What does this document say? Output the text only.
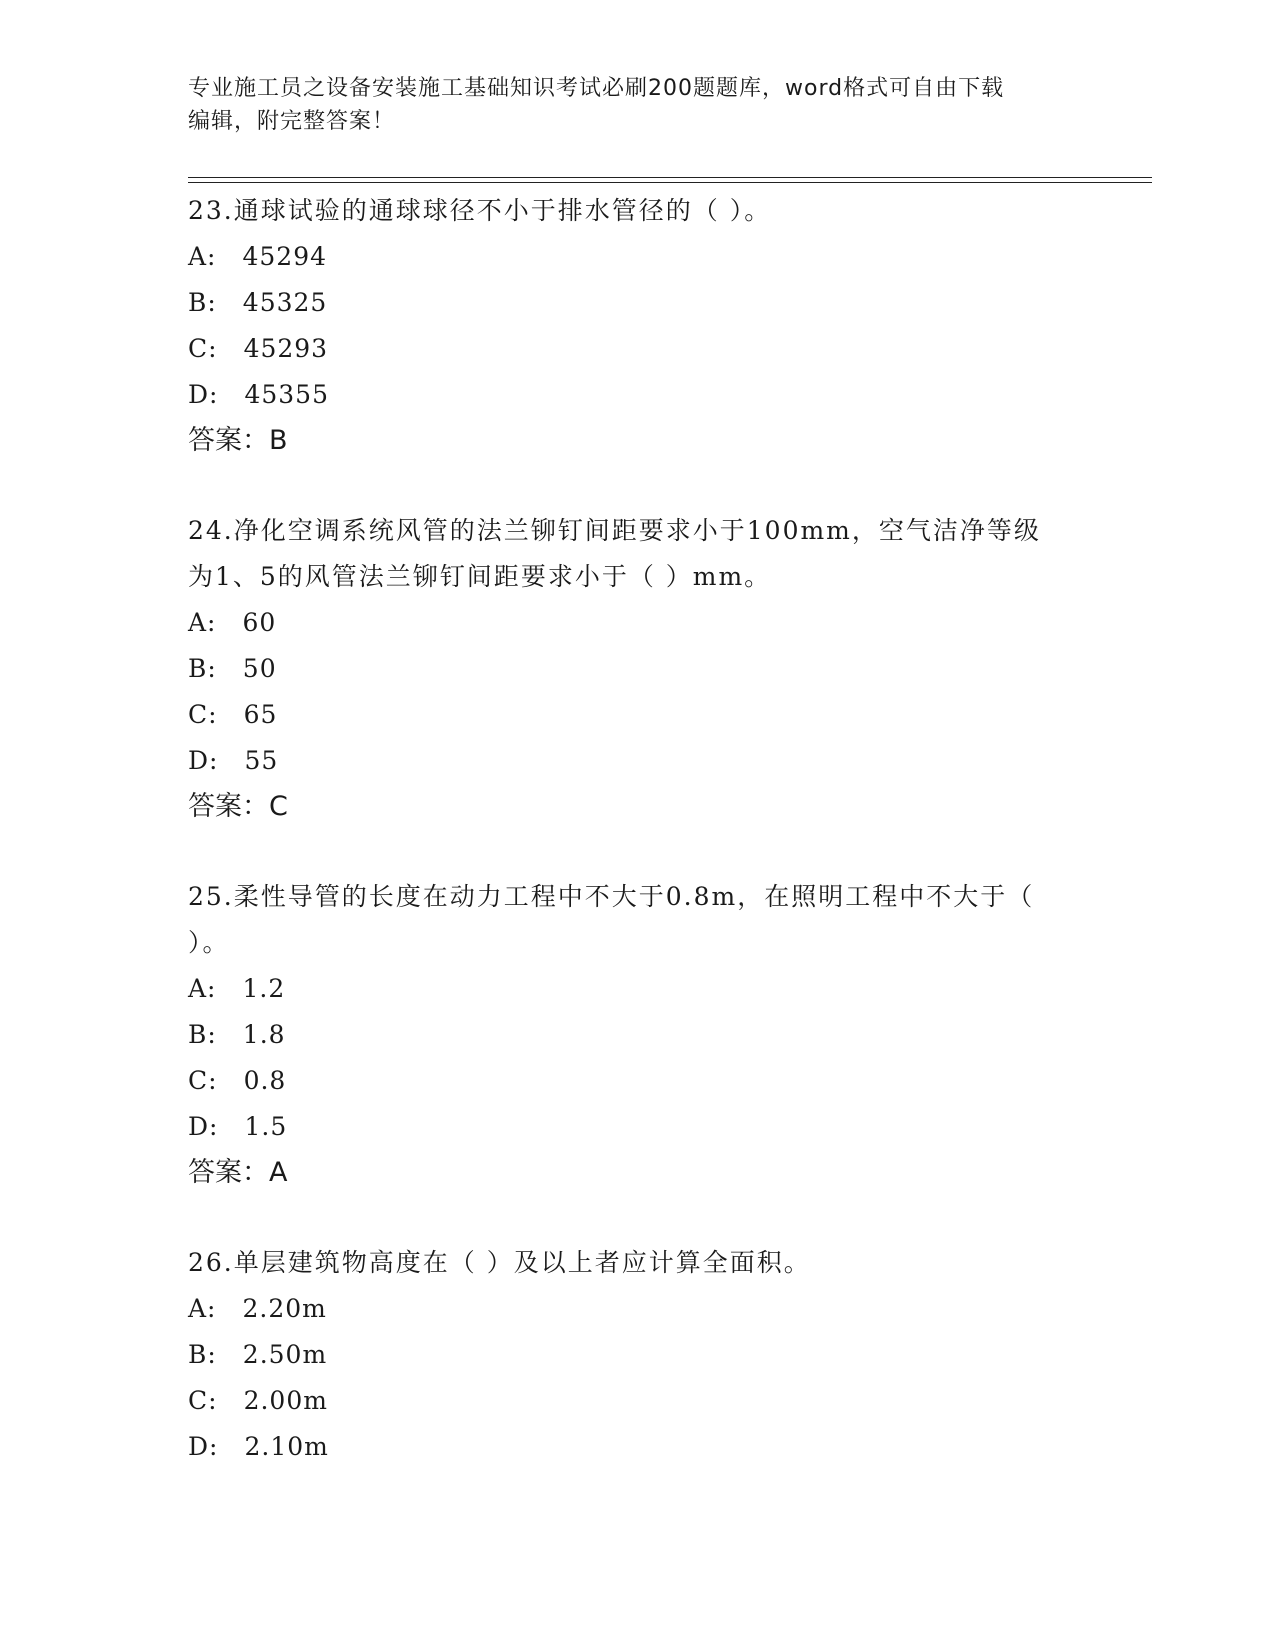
专业施工员之设备安装施工基础知识考试必刷200题题库，word格式可自由下载
编辑，附完整答案！
23.通球试验的通球球径不小于排水管径的（ ）。
A: 45294
B: 45325
C: 45293
D: 45355
答案：B
24.净化空调系统风管的法兰铆钉间距要求小于100mm，空气洁净等级
为1、5的风管法兰铆钉间距要求小于（ ）mm。
A: 60
B: 50
C: 65
D: 55
答案：C
25.柔性导管的长度在动力工程中不大于0.8m，在照明工程中不大于（
）。
A: 1.2
B: 1.8
C: 0.8
D: 1.5
答案：A
26.单层建筑物高度在（ ）及以上者应计算全面积。
A: 2.20m
B: 2.50m
C: 2.00m
D: 2.10m
